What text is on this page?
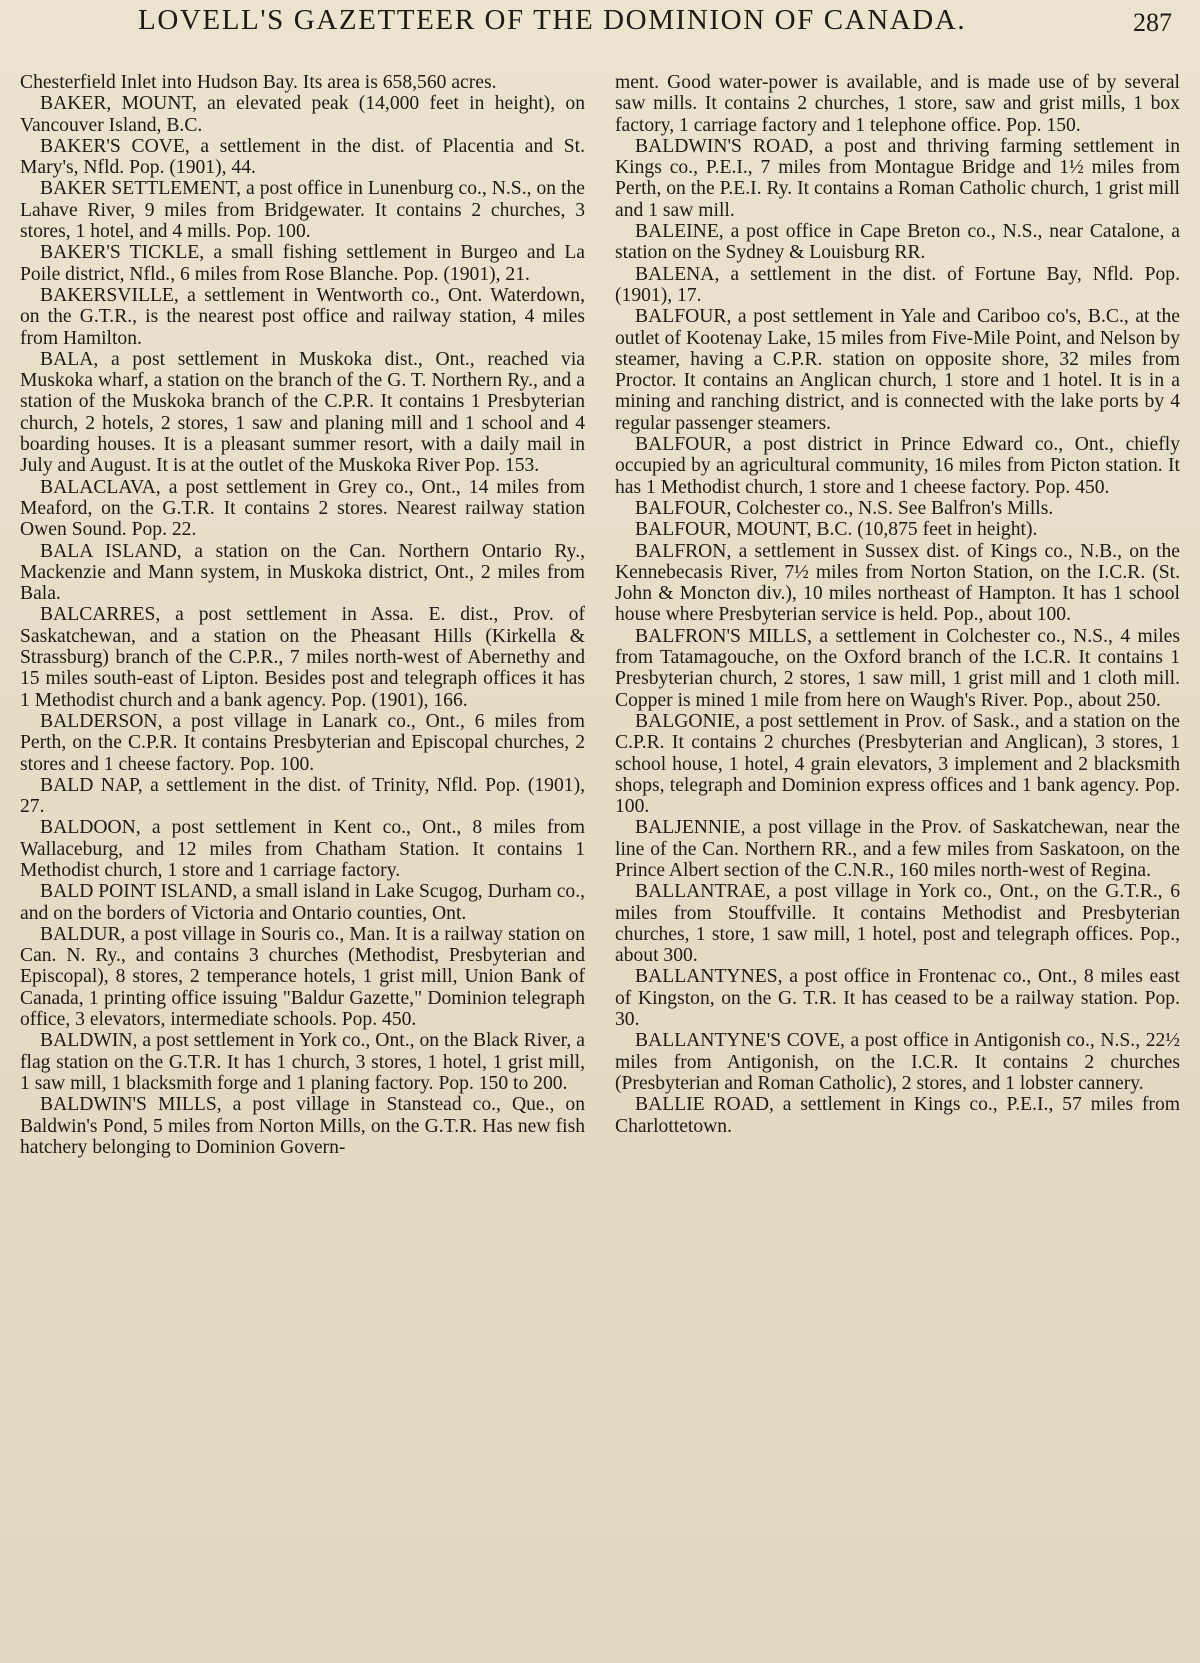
LOVELL'S GAZETTEER OF THE DOMINION OF CANADA.	287

Chesterfield Inlet into Hudson Bay. Its area is 658,560 acres.

BAKER, MOUNT, an elevated peak (14,000 feet in height), on Vancouver Island, B.C.

BAKER'S COVE, a settlement in the dist. of Placentia and St. Mary's, Nfld. Pop. (1901), 44.

BAKER SETTLEMENT, a post office in Lunenburg co., N.S., on the Lahave River, 9 miles from Bridgewater. It contains 2 churches, 3 stores, 1 hotel, and 4 mills. Pop. 100.

BAKER'S TICKLE, a small fishing settlement in Burgeo and La Poile district, Nfld., 6 miles from Rose Blanche. Pop. (1901), 21.

BAKERSVILLE, a settlement in Wentworth co., Ont. Waterdown, on the G.T.R., is the nearest post office and railway station, 4 miles from Hamilton.

BALA, a post settlement in Muskoka dist., Ont., reached via Muskoka wharf, a station on the branch of the G. T. Northern Ry., and a station of the Muskoka branch of the C.P.R. It contains 1 Presbyterian church, 2 hotels, 2 stores, 1 saw and planing mill and 1 school and 4 boarding houses. It is a pleasant summer resort, with a daily mail in July and August. It is at the outlet of the Muskoka River Pop. 153.

BALACLAVA, a post settlement in Grey co., Ont., 14 miles from Meaford, on the G.T.R. It contains 2 stores. Nearest railway station Owen Sound. Pop. 22.

BALA ISLAND, a station on the Can. Northern Ontario Ry., Mackenzie and Mann system, in Muskoka district, Ont., 2 miles from Bala.

BALCARRES, a post settlement in Assa. E. dist., Prov. of Saskatchewan, and a station on the Pheasant Hills (Kirkella & Strassburg) branch of the C.P.R., 7 miles north-west of Abernethy and 15 miles south-east of Lipton. Besides post and telegraph offices it has 1 Methodist church and a bank agency. Pop. (1901), 166.

BALDERSON, a post village in Lanark co., Ont., 6 miles from Perth, on the C.P.R. It contains Presbyterian and Episcopal churches, 2 stores and 1 cheese factory. Pop. 100.

BALD NAP, a settlement in the dist. of Trinity, Nfld. Pop. (1901), 27.

BALDOON, a post settlement in Kent co., Ont., 8 miles from Wallaceburg, and 12 miles from Chatham Station. It contains 1 Methodist church, 1 store and 1 carriage factory.

BALD POINT ISLAND, a small island in Lake Scugog, Durham co., and on the borders of Victoria and Ontario counties, Ont.

BALDUR, a post village in Souris co., Man. It is a railway station on Can. N. Ry., and contains 3 churches (Methodist, Presbyterian and Episcopal), 8 stores, 2 temperance hotels, 1 grist mill, Union Bank of Canada, 1 printing office issuing "Baldur Gazette," Dominion telegraph office, 3 elevators, intermediate schools. Pop. 450.

BALDWIN, a post settlement in York co., Ont., on the Black River, a flag station on the G.T.R. It has 1 church, 3 stores, 1 hotel, 1 grist mill, 1 saw mill, 1 blacksmith forge and 1 planing factory. Pop. 150 to 200.

BALDWIN'S MILLS, a post village in Stanstead co., Que., on Baldwin's Pond, 5 miles from Norton Mills, on the G.T.R. Has new fish hatchery belonging to Dominion Govern-

ment. Good water-power is available, and is made use of by several saw mills. It contains 2 churches, 1 store, saw and grist mills, 1 box factory, 1 carriage factory and 1 telephone office. Pop. 150.

BALDWIN'S ROAD, a post and thriving farming settlement in Kings co., P.E.I., 7 miles from Montague Bridge and 1½ miles from Perth, on the P.E.I. Ry. It contains a Roman Catholic church, 1 grist mill and 1 saw mill.

BALEINE, a post office in Cape Breton co., N.S., near Catalone, a station on the Sydney & Louisburg RR.

BALENA, a settlement in the dist. of Fortune Bay, Nfld. Pop. (1901), 17.

BALFOUR, a post settlement in Yale and Cariboo co's, B.C., at the outlet of Kootenay Lake, 15 miles from Five-Mile Point, and Nelson by steamer, having a C.P.R. station on opposite shore, 32 miles from Proctor. It contains an Anglican church, 1 store and 1 hotel. It is in a mining and ranching district, and is connected with the lake ports by 4 regular passenger steamers.

BALFOUR, a post district in Prince Edward co., Ont., chiefly occupied by an agricultural community, 16 miles from Picton station. It has 1 Methodist church, 1 store and 1 cheese factory. Pop. 450.

BALFOUR, Colchester co., N.S. See Balfron's Mills.

BALFOUR, MOUNT, B.C. (10,875 feet in height).

BALFRON, a settlement in Sussex dist. of Kings co., N.B., on the Kennebecasis River, 7½ miles from Norton Station, on the I.C.R. (St. John & Moncton div.), 10 miles northeast of Hampton. It has 1 school house where Presbyterian service is held. Pop., about 100.

BALFRON'S MILLS, a settlement in Colchester co., N.S., 4 miles from Tatamagouche, on the Oxford branch of the I.C.R. It contains 1 Presbyterian church, 2 stores, 1 saw mill, 1 grist mill and 1 cloth mill. Copper is mined 1 mile from here on Waugh's River. Pop., about 250.

BALGONIE, a post settlement in Prov. of Sask., and a station on the C.P.R. It contains 2 churches (Presbyterian and Anglican), 3 stores, 1 school house, 1 hotel, 4 grain elevators, 3 implement and 2 blacksmith shops, telegraph and Dominion express offices and 1 bank agency. Pop. 100.

BALJENNIE, a post village in the Prov. of Saskatchewan, near the line of the Can. Northern RR., and a few miles from Saskatoon, on the Prince Albert section of the C.N.R., 160 miles north-west of Regina.

BALLANTRAE, a post village in York co., Ont., on the G.T.R., 6 miles from Stouffville. It contains Methodist and Presbyterian churches, 1 store, 1 saw mill, 1 hotel, post and telegraph offices. Pop., about 300.

BALLANTYNES, a post office in Frontenac co., Ont., 8 miles east of Kingston, on the G. T.R. It has ceased to be a railway station. Pop. 30.

BALLANTYNE'S COVE, a post office in Antigonish co., N.S., 22½ miles from Antigonish, on the I.C.R. It contains 2 churches (Presbyterian and Roman Catholic), 2 stores, and 1 lobster cannery.

BALLIE ROAD, a settlement in Kings co., P.E.I., 57 miles from Charlottetown.
